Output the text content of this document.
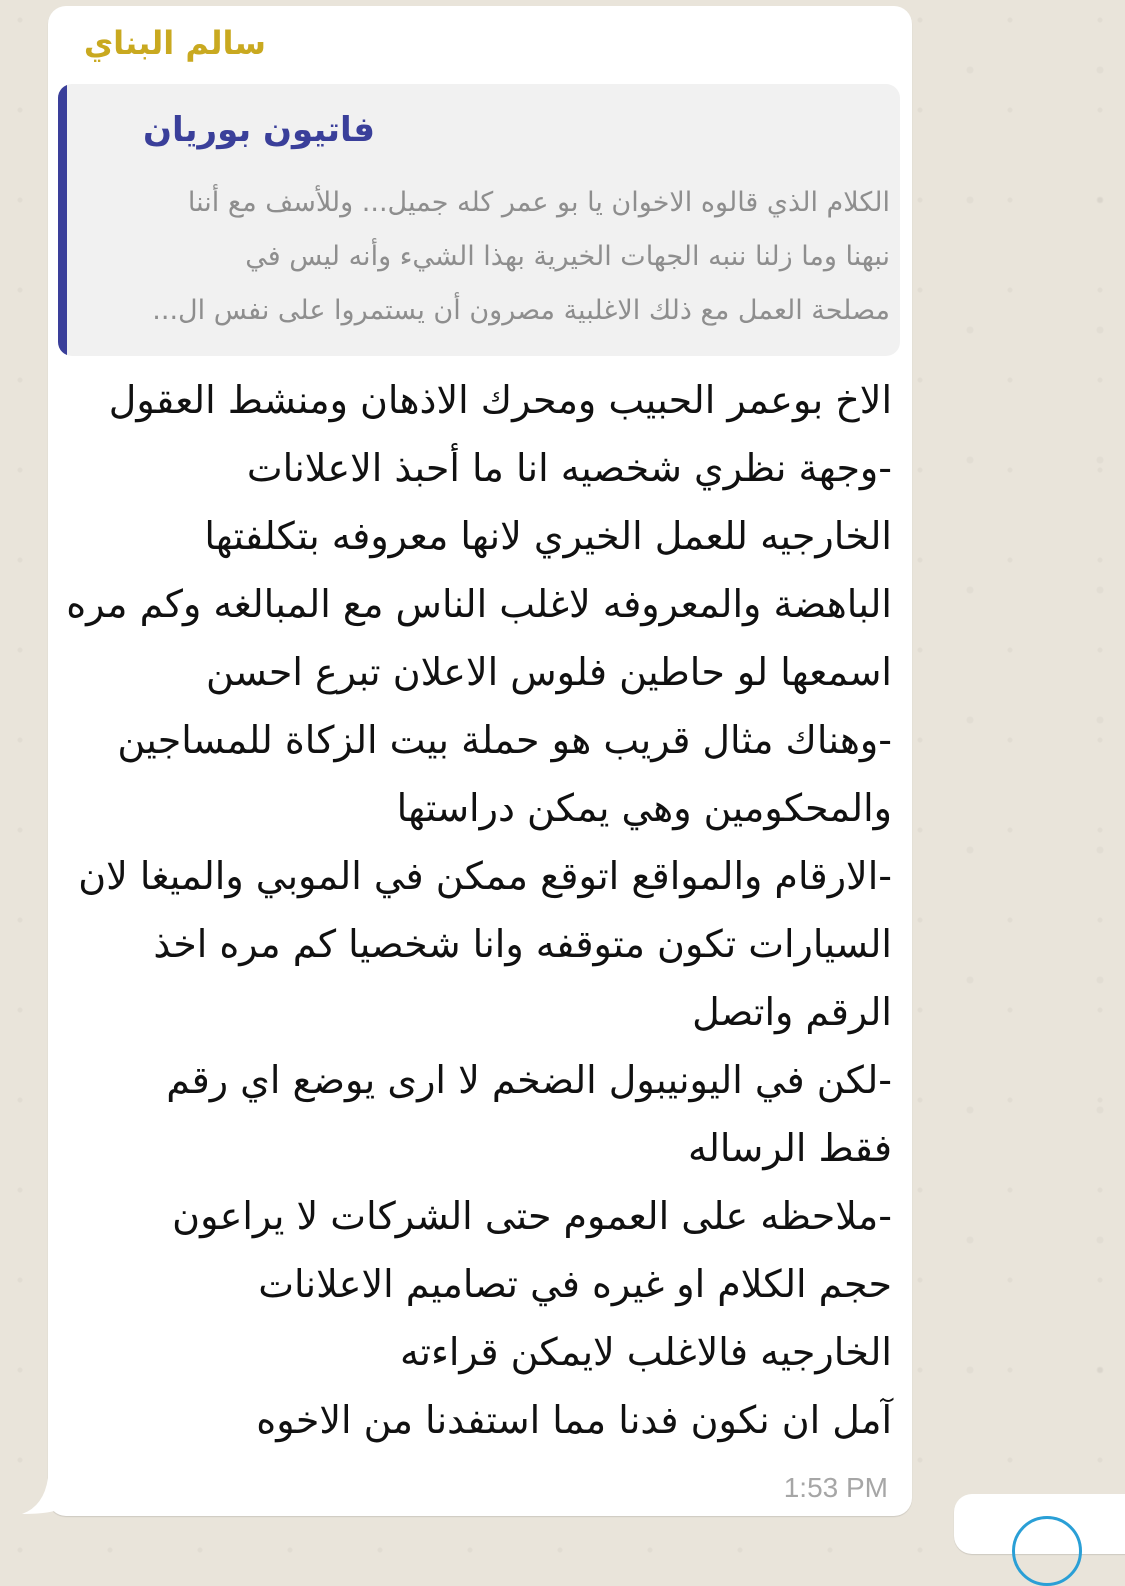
سالم البناي
فاتيون بوريان
الكلام الذي قالوه الاخوان يا بو عمر كله جميل... وللأسف مع أننا
نبهنا وما زلنا ننبه الجهات الخيرية بهذا الشيء وأنه ليس في
مصلحة العمل مع ذلك الاغلبية مصرون أن يستمروا على نفس ال...
الاخ بوعمر الحبيب ومحرك الاذهان ومنشط العقول
-وجهة نظري شخصيه انا ما أحبذ الاعلانات
الخارجيه للعمل الخيري لانها معروفه بتكلفتها
الباهضة والمعروفه لاغلب الناس مع المبالغه وكم مره
اسمعها لو حاطين فلوس الاعلان تبرع احسن
-وهناك مثال قريب هو حملة بيت الزكاة للمساجين
والمحكومين وهي يمكن دراستها
-الارقام والمواقع اتوقع ممكن في الموبي والميغا لان
السيارات تكون متوقفه وانا شخصيا كم مره اخذ
الرقم واتصل
-لكن في اليونيبول الضخم لا ارى يوضع اي رقم
فقط الرساله
-ملاحظه على العموم حتى الشركات لا يراعون
حجم الكلام او غيره في تصاميم الاعلانات
الخارجيه فالاغلب لايمكن قراءته
آمل ان نكون فدنا مما استفدنا من الاخوه
1:53 PM
